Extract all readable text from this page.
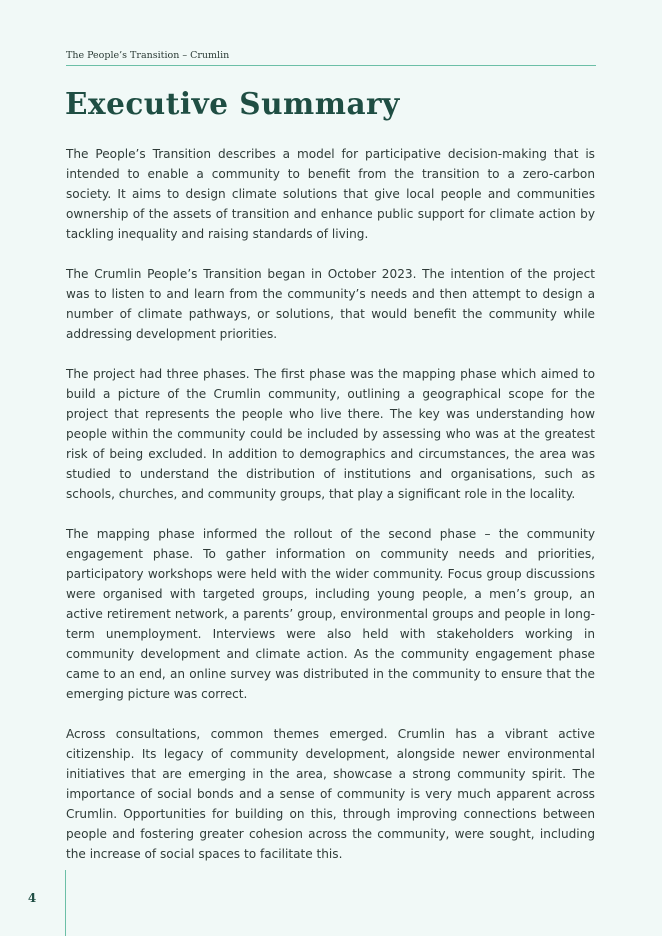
The People’s Transition – Crumlin
Executive Summary

The People’s Transition describes a model for participative decision-making that is intended to enable a community to benefit from the transition to a zero-carbon society. It aims to design climate solutions that give local people and communities ownership of the assets of transition and enhance public support for climate action by tackling inequality and raising standards of living.

The Crumlin People’s Transition began in October 2023. The intention of the project was to listen to and learn from the community’s needs and then attempt to design a number of climate pathways, or solutions, that would benefit the community while addressing development priorities.

The project had three phases. The first phase was the mapping phase which aimed to build a picture of the Crumlin community, outlining a geographical scope for the project that represents the people who live there. The key was understanding how people within the community could be included by assessing who was at the greatest risk of being excluded. In addition to demographics and circumstances, the area was studied to understand the distribution of institutions and organisations, such as schools, churches, and community groups, that play a significant role in the locality.

The mapping phase informed the rollout of the second phase – the community engagement phase. To gather information on community needs and priorities, participatory workshops were held with the wider community. Focus group discussions were organised with targeted groups, including young people, a men’s group, an active retirement network, a parents’ group, environmental groups and people in long-term unemployment. Interviews were also held with stakeholders working in community development and climate action. As the community engagement phase came to an end, an online survey was distributed in the community to ensure that the emerging picture was correct.

Across consultations, common themes emerged. Crumlin has a vibrant active citizenship. Its legacy of community development, alongside newer environmental initiatives that are emerging in the area, showcase a strong community spirit. The importance of social bonds and a sense of community is very much apparent across Crumlin. Opportunities for building on this, through improving connections between people and fostering greater cohesion across the community, were sought, including the increase of social spaces to facilitate this.

4
